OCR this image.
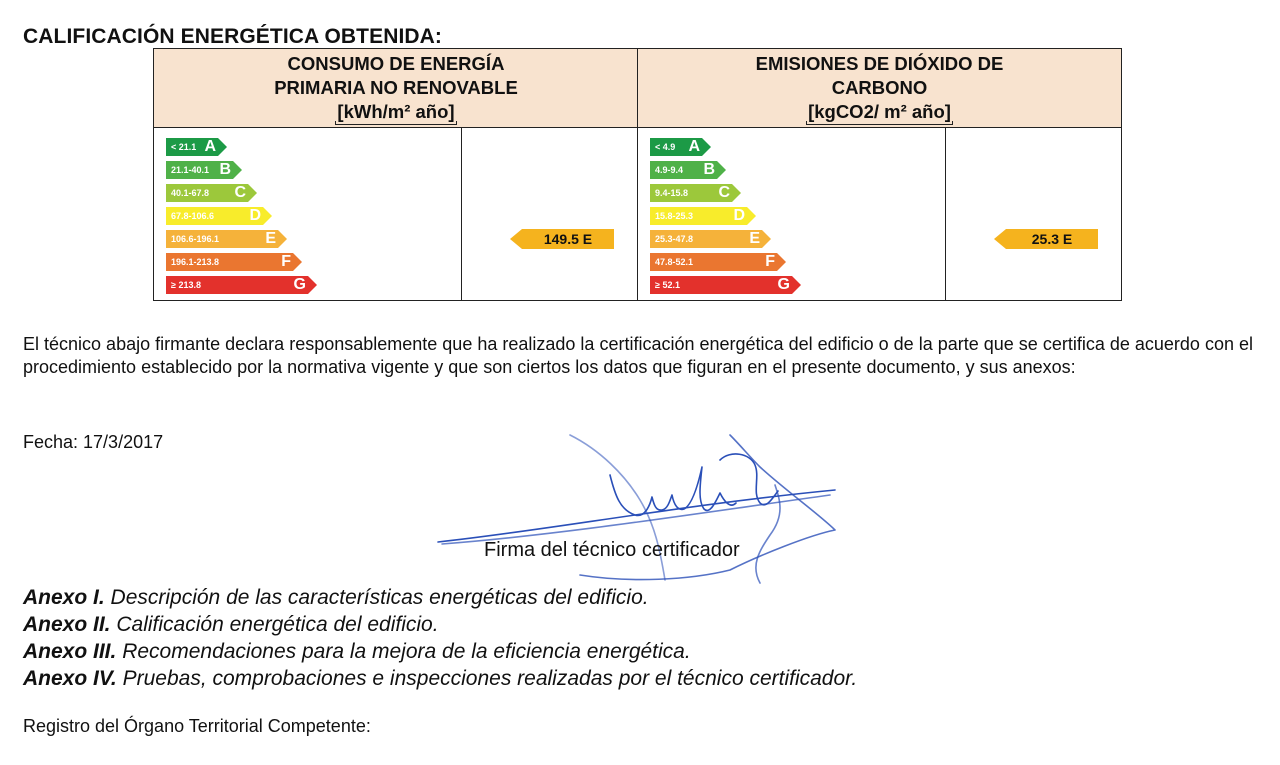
CALIFICACIÓN ENERGÉTICA OBTENIDA:
CONSUMO DE ENERGÍA
PRIMARIA NO RENOVABLE
[kWh/m² año]
EMISIONES DE DIÓXIDO DE
CARBONO
[kgCO2/ m² año]
< 21.1 A
21.1-40.1 B
40.1-67.8 C
67.8-106.6 D
106.6-196.1	E
196.1-213.8	F
≥ 213.8	G
149.5 E
< 4.9 A
4.9-9.4 B
9.4-15.8 C
15.8-25.3	D
25.3-47.8	E
47.8-52.1	F
≥ 52.1	G
25.3 E
El técnico abajo firmante declara responsablemente que ha realizado la certificación energética del edificio o de la parte que se certifica de acuerdo con el procedimiento establecido por la normativa vigente y que son ciertos los datos que figuran en el presente documento, y sus anexos:
Fecha: 17/3/2017
Firma del técnico certificador
Anexo I. Descripción de las características energéticas del edificio.
Anexo II. Calificación energética del edificio.
Anexo III. Recomendaciones para la mejora de la eficiencia energética.
Anexo IV. Pruebas, comprobaciones e inspecciones realizadas por el técnico certificador.
Registro del Órgano Territorial Competente:
